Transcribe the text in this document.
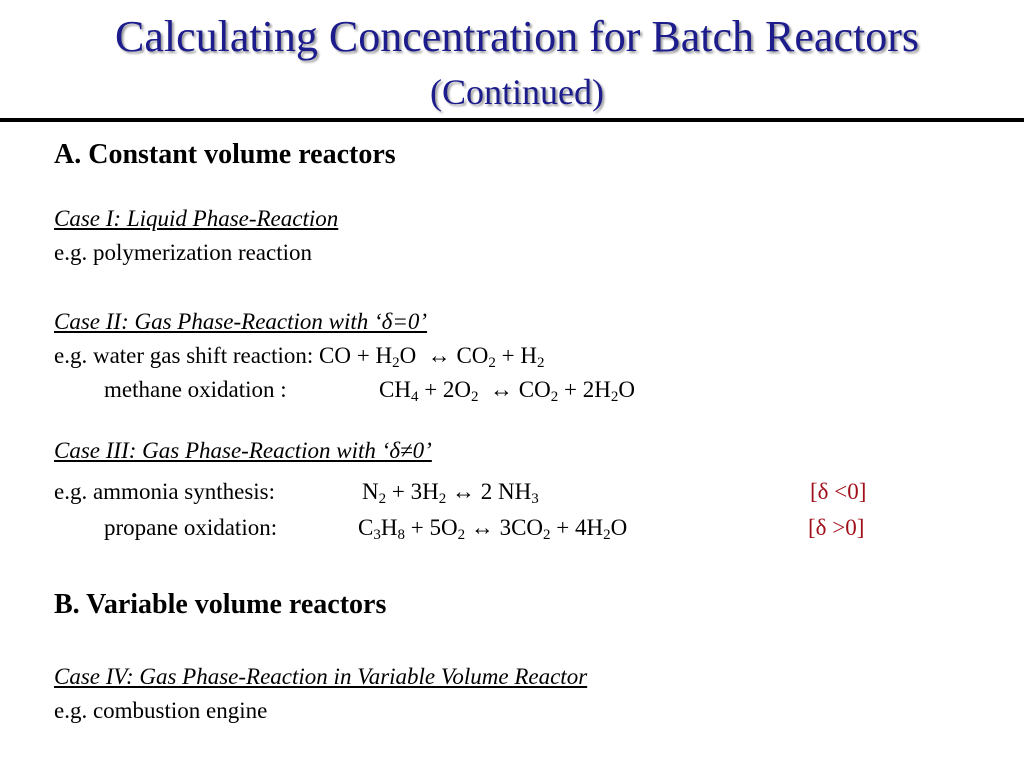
Calculating Concentration for Batch Reactors
(Continued)
A. Constant volume reactors
Case I: Liquid Phase-Reaction
e.g. polymerization reaction
Case II: Gas Phase-Reaction with ‘δ=0’
e.g. water gas shift reaction: CO + $H_2O$  ↔ $CO_2 + H_2$
methane oxidation :	$CH_4 + 2O_2$  ↔ $CO_2 + 2H_2O$
Case III: Gas Phase-Reaction with ‘δ≠0’
e.g. ammonia synthesis:	$N_2 + 3H_2$ ↔ 2 $NH_3$	[δ <0]
propane oxidation:	$C_3H_8 + 5O_2$ ↔ $3CO_2 + 4H_2O$	[δ >0]
B. Variable volume reactors
Case IV: Gas Phase-Reaction in Variable Volume Reactor
e.g. combustion engine
